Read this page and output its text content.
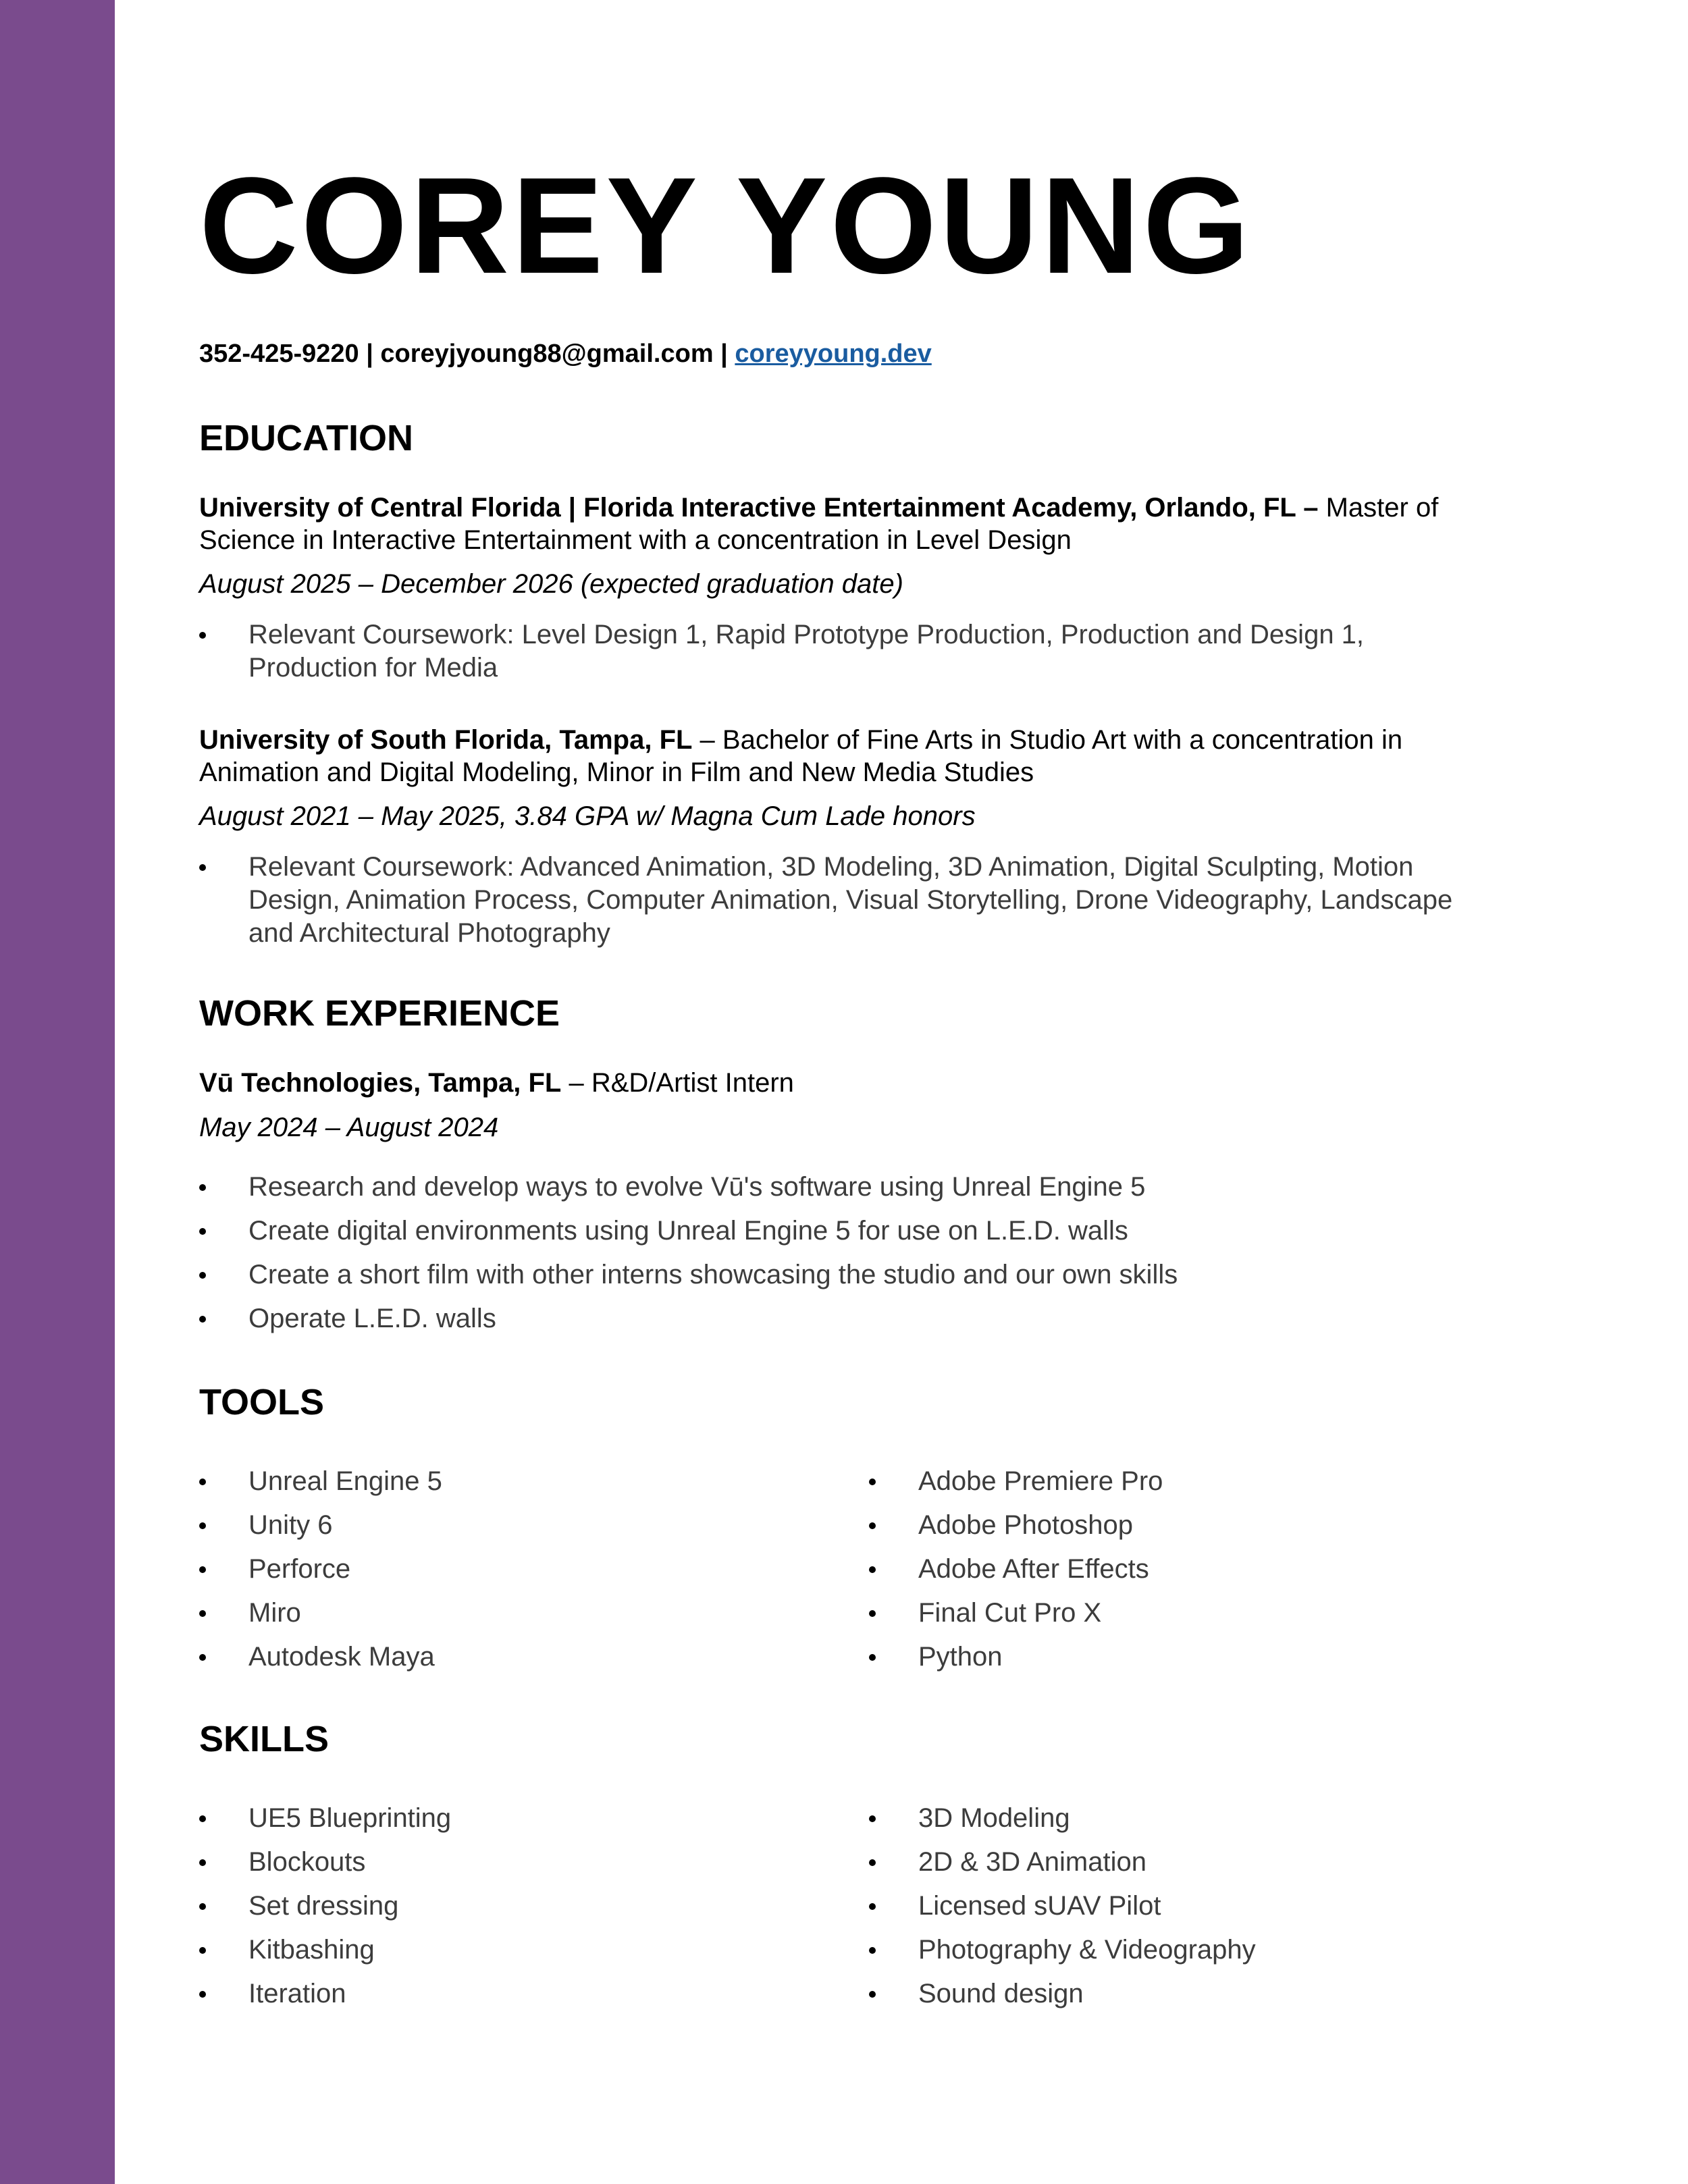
COREY YOUNG
352-425-9220 | coreyjyoung88@gmail.com | coreyyoung.dev
EDUCATION
University of Central Florida | Florida Interactive Entertainment Academy, Orlando, FL – Master of Science in Interactive Entertainment with a concentration in Level Design
August 2025 – December 2026 (expected graduation date)
Relevant Coursework: Level Design 1, Rapid Prototype Production, Production and Design 1, Production for Media
University of South Florida, Tampa, FL – Bachelor of Fine Arts in Studio Art with a concentration in Animation and Digital Modeling, Minor in Film and New Media Studies
August 2021 – May 2025, 3.84 GPA w/ Magna Cum Lade honors
Relevant Coursework: Advanced Animation, 3D Modeling, 3D Animation, Digital Sculpting, Motion Design, Animation Process, Computer Animation, Visual Storytelling, Drone Videography, Landscape and Architectural Photography
WORK EXPERIENCE
Vū Technologies, Tampa, FL – R&D/Artist Intern
May 2024 – August 2024
Research and develop ways to evolve Vū's software using Unreal Engine 5
Create digital environments using Unreal Engine 5 for use on L.E.D. walls
Create a short film with other interns showcasing the studio and our own skills
Operate L.E.D. walls
TOOLS
Unreal Engine 5
Unity 6
Perforce
Miro
Autodesk Maya
Adobe Premiere Pro
Adobe Photoshop
Adobe After Effects
Final Cut Pro X
Python
SKILLS
UE5 Blueprinting
Blockouts
Set dressing
Kitbashing
Iteration
3D Modeling
2D & 3D Animation
Licensed sUAV Pilot
Photography & Videography
Sound design
